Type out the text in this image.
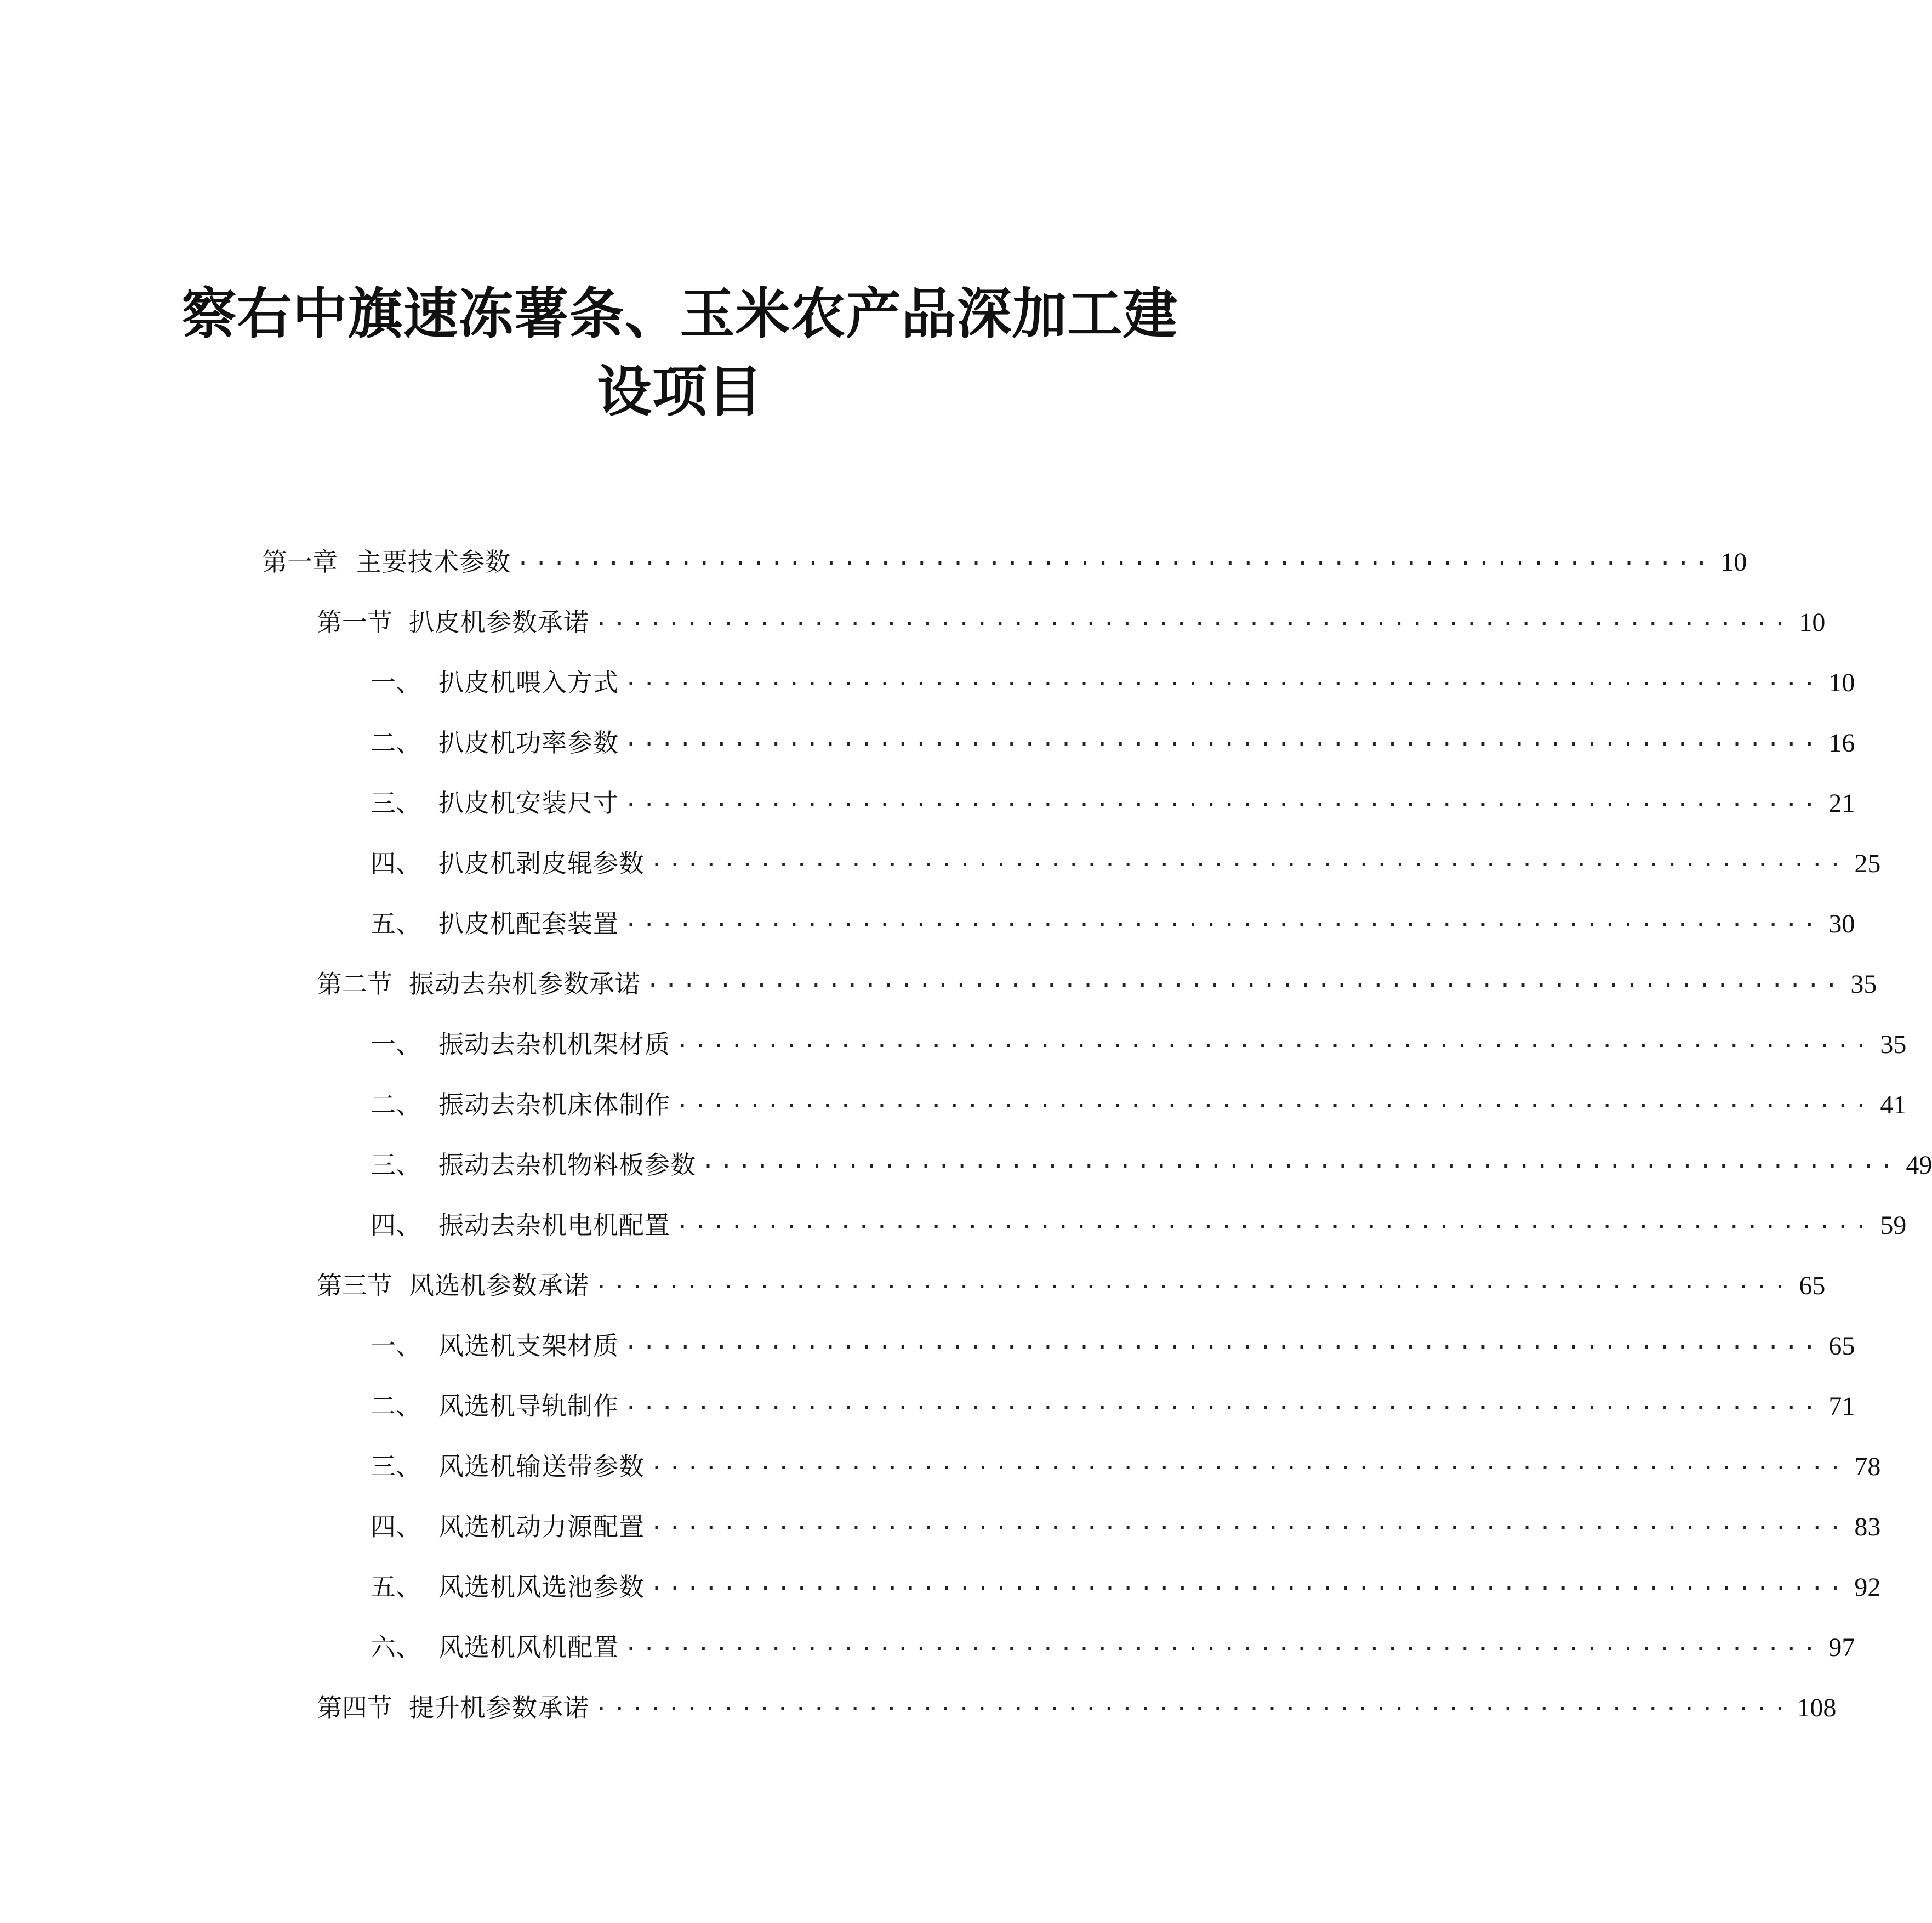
察右中旗速冻薯条、玉米农产品深加工建
设项目
第一章 主要技术参数 ·································································· 10
第一节 扒皮机参数承诺 ·································································· 10
一、 扒皮机喂入方式 ·································································· 10
二、 扒皮机功率参数 ·································································· 16
三、 扒皮机安装尺寸 ·································································· 21
四、 扒皮机剥皮辊参数 ·································································· 25
五、 扒皮机配套装置 ·································································· 30
第二节 振动去杂机参数承诺 ·································································· 35
一、 振动去杂机机架材质 ·································································· 35
二、 振动去杂机床体制作 ·································································· 41
三、 振动去杂机物料板参数 ·································································· 49
四、 振动去杂机电机配置 ·································································· 59
第三节 风选机参数承诺 ·································································· 65
一、 风选机支架材质 ·································································· 65
二、 风选机导轨制作 ·································································· 71
三、 风选机输送带参数 ·································································· 78
四、 风选机动力源配置 ·································································· 83
五、 风选机风选池参数 ·································································· 92
六、 风选机风机配置 ·································································· 97
第四节 提升机参数承诺 ·································································· 108
